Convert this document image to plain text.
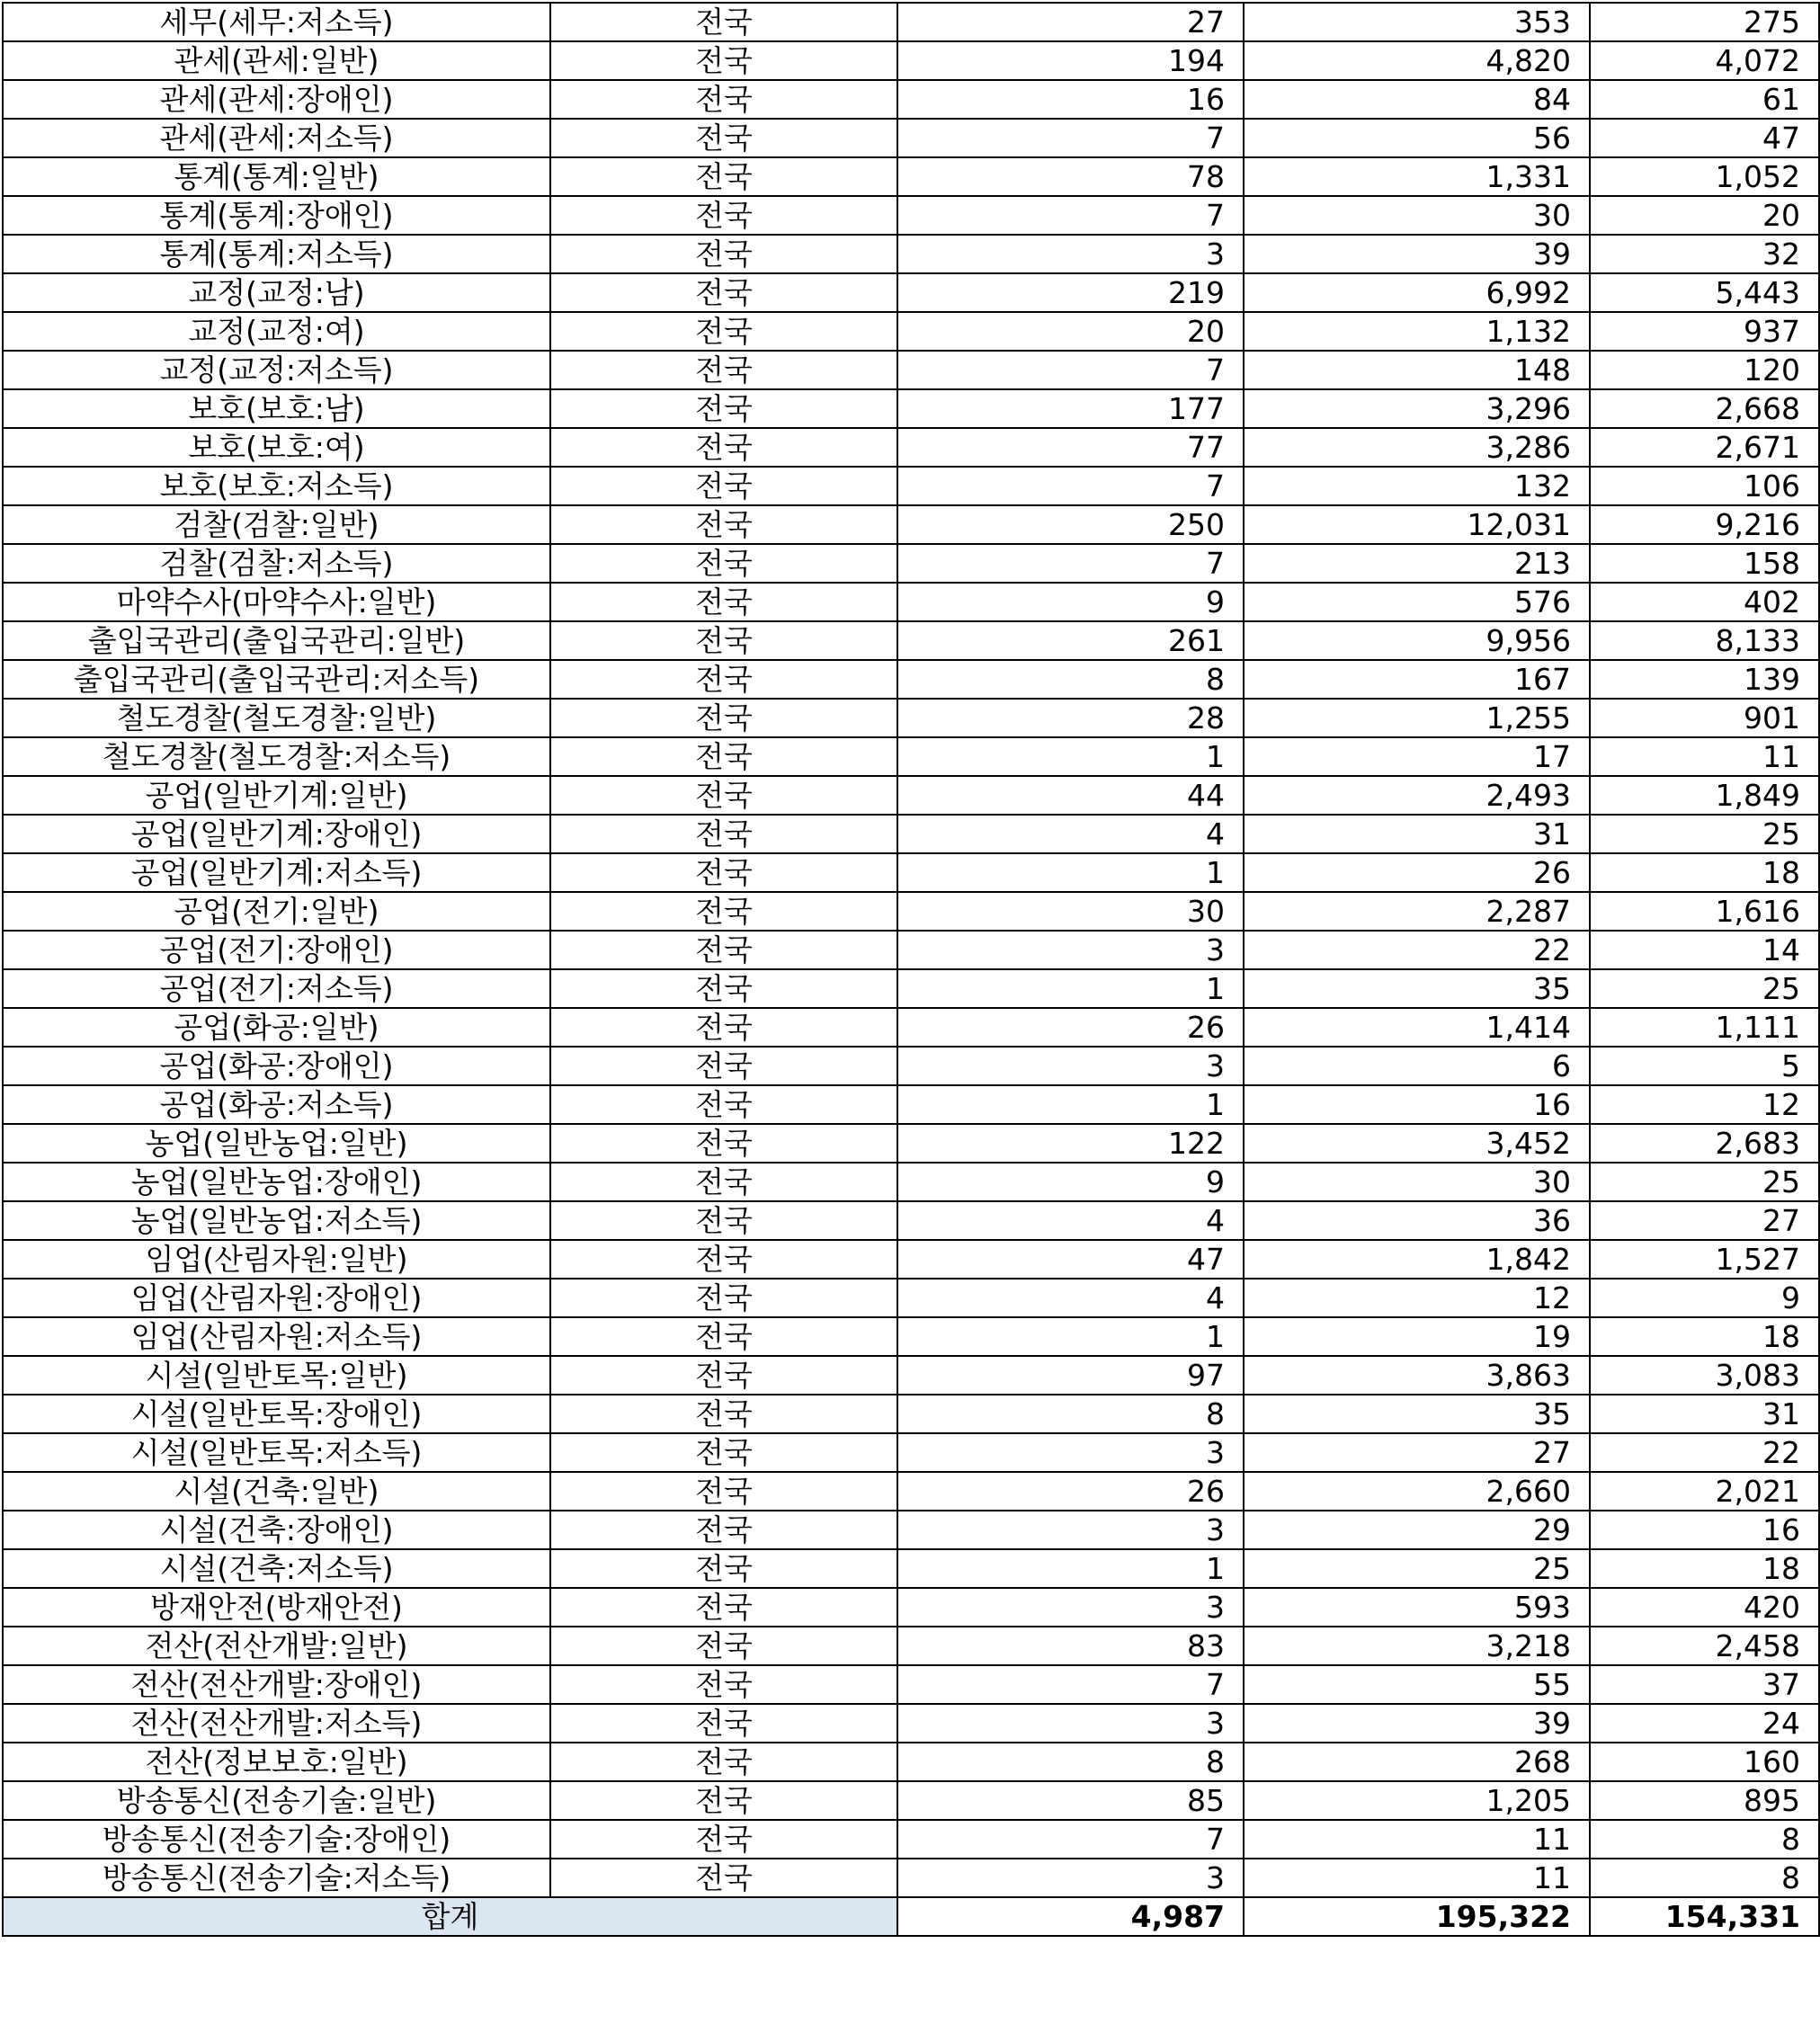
세무(세무:저소득)	전국	27	353	275
관세(관세:일반)	전국	194	4,820	4,072
관세(관세:장애인)	전국	16	84	61
관세(관세:저소득)	전국	7	56	47
통계(통계:일반)	전국	78	1,331	1,052
통계(통계:장애인)	전국	7	30	20
통계(통계:저소득)	전국	3	39	32
교정(교정:남)	전국	219	6,992	5,443
교정(교정:여)	전국	20	1,132	937
교정(교정:저소득)	전국	7	148	120
보호(보호:남)	전국	177	3,296	2,668
보호(보호:여)	전국	77	3,286	2,671
보호(보호:저소득)	전국	7	132	106
검찰(검찰:일반)	전국	250	12,031	9,216
검찰(검찰:저소득)	전국	7	213	158
마약수사(마약수사:일반)	전국	9	576	402
출입국관리(출입국관리:일반)	전국	261	9,956	8,133
출입국관리(출입국관리:저소득)	전국	8	167	139
철도경찰(철도경찰:일반)	전국	28	1,255	901
철도경찰(철도경찰:저소득)	전국	1	17	11
공업(일반기계:일반)	전국	44	2,493	1,849
공업(일반기계:장애인)	전국	4	31	25
공업(일반기계:저소득)	전국	1	26	18
공업(전기:일반)	전국	30	2,287	1,616
공업(전기:장애인)	전국	3	22	14
공업(전기:저소득)	전국	1	35	25
공업(화공:일반)	전국	26	1,414	1,111
공업(화공:장애인)	전국	3	6	5
공업(화공:저소득)	전국	1	16	12
농업(일반농업:일반)	전국	122	3,452	2,683
농업(일반농업:장애인)	전국	9	30	25
농업(일반농업:저소득)	전국	4	36	27
임업(산림자원:일반)	전국	47	1,842	1,527
임업(산림자원:장애인)	전국	4	12	9
임업(산림자원:저소득)	전국	1	19	18
시설(일반토목:일반)	전국	97	3,863	3,083
시설(일반토목:장애인)	전국	8	35	31
시설(일반토목:저소득)	전국	3	27	22
시설(건축:일반)	전국	26	2,660	2,021
시설(건축:장애인)	전국	3	29	16
시설(건축:저소득)	전국	1	25	18
방재안전(방재안전)	전국	3	593	420
전산(전산개발:일반)	전국	83	3,218	2,458
전산(전산개발:장애인)	전국	7	55	37
전산(전산개발:저소득)	전국	3	39	24
전산(정보보호:일반)	전국	8	268	160
방송통신(전송기술:일반)	전국	85	1,205	895
방송통신(전송기술:장애인)	전국	7	11	8
방송통신(전송기술:저소득)	전국	3	11	8
합계		4,987	195,322	154,331
